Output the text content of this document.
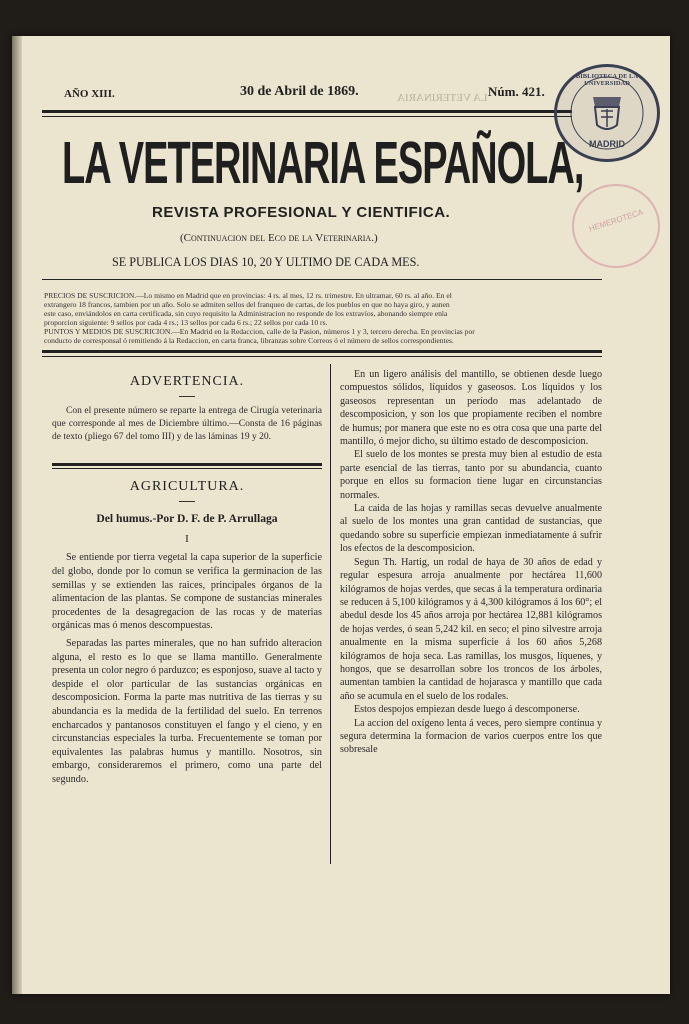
AÑO XIII.	30 de Abril de 1869.	LA VETERINARIA Núm. 421.
BIBLIOTECA DE LA UNIVERSIDAD
MADRID
HEMEROTECA
LA VETERINARIA ESPAÑOLA,
REVISTA PROFESIONAL Y CIENTIFICA.
(Continuacion del Eco de la Veterinaria.)
SE PUBLICA LOS DIAS 10, 20 Y ULTIMO DE CADA MES.
PRECIOS DE SUSCRICION.—Lo mismo en Madrid que en provincias: 4 rs. al mes, 12 rs. trimestre. En ultramar, 60 rs. al año. En el
extrangero 18 francos, tambien por un año. Solo se admiten sellos del franqueo de cartas, de los pueblos en que no haya giro, y aunen
este caso, enviándolos en carta certificada, sin cuyo requisito la Administracion no responde de los extravíos, abonando siempre enla
proporcion siguiente: 9 sellos por cada 4 rs.; 13 sellos por cada 6 rs.; 22 sellos por cada 10 rs.
PUNTOS Y MEDIOS DE SUSCRICION.—En Madrid en la Redaccion, calle de la Pasion, números 1 y 3, tercero derecha. En provincias por
conducto de corresponsal ó remitiendo á la Redaccion, en carta franca, libranzas sobre Correos ó el número de sellos correspondientes.
ADVERTENCIA.
Con el presente número se reparte la entrega de Cirugía veterinaria que corresponde al mes de Diciembre último.—Consta de 16 páginas de texto (pliego 67 del tomo III) y de las láminas 19 y 20.
AGRICULTURA.
Del humus.-Por D. F. de P. Arrullaga
I

Se entiende por tierra vegetal la capa superior de la superficie del globo, donde por lo comun se verifica la germinacion de las semillas y se extienden las raices, principales órganos de la alimentacion de las plantas. Se compone de sustancias minerales procedentes de la desagregacion de las rocas y de materias orgánicas mas ó menos descompuestas.

Separadas las partes minerales, que no han sufrido alteracion alguna, el resto es lo que se llama mantillo. Generalmente presenta un color negro ó parduzco; es esponjoso, suave al tacto y despide el olor particular de las sustancias orgánicas en descomposicion. Forma la parte mas nutritiva de las tierras y su abundancia es la medida de la fertilidad del suelo. En terrenos encharcados y pantanosos constituyen el fango y el cieno, y en circunstancias especiales la turba. Frecuentemente se toman por equivalentes las palabras humus y mantillo. Nosotros, sin embargo, consideraremos el primero, como una parte del segundo.

En un ligero análisis del mantillo, se obtienen desde luego compuestos sólidos, líquidos y gaseosos. Los líquidos y los gaseosos representan un período mas adelantado de descomposicion, y son los que propiamente reciben el nombre de humus; por manera que este no es otra cosa que una parte del mantillo, ó mejor dicho, su último estado de descomposicion.

El suelo de los montes se presta muy bien al estudio de esta parte esencial de las tierras, tanto por su abundancia, cuanto porque en ellos su formacion tiene lugar en circunstancias normales.

La caida de las hojas y ramillas secas devuelve anualmente al suelo de los montes una gran cantidad de sustancias, que quedando sobre su superficie empiezan inmediatamente á sufrir los efectos de la descomposicion.

Segun Th. Hartig, un rodal de haya de 30 años de edad y regular espesura arroja anualmente por hectárea 11,600 kilógramos de hojas verdes, que secas á la temperatura ordinaria se reducen á 5,100 kilógramos y á 4,300 kilógramos á los 60°; el abedul desde los 45 años arroja por hectárea 12,881 kilógramos de hojas verdes, ó sean 5,242 kil. en seco; el pino silvestre arroja anualmente en la misma superficie á los 60 años 5,268 kilógramos de hoja seca. Las ramillas, los musgos, líquenes, y hongos, que se desarrollan sobre los troncos de los árboles, aumentan tambien la cantidad de hojarasca y mantillo que cada año se acumula en el suelo de los rodales.

Estos despojos empiezan desde luego á descomponerse.

La accion del oxígeno lenta á veces, pero siempre contínua y segura determina la formacion de varios cuerpos entre los que sobresale
